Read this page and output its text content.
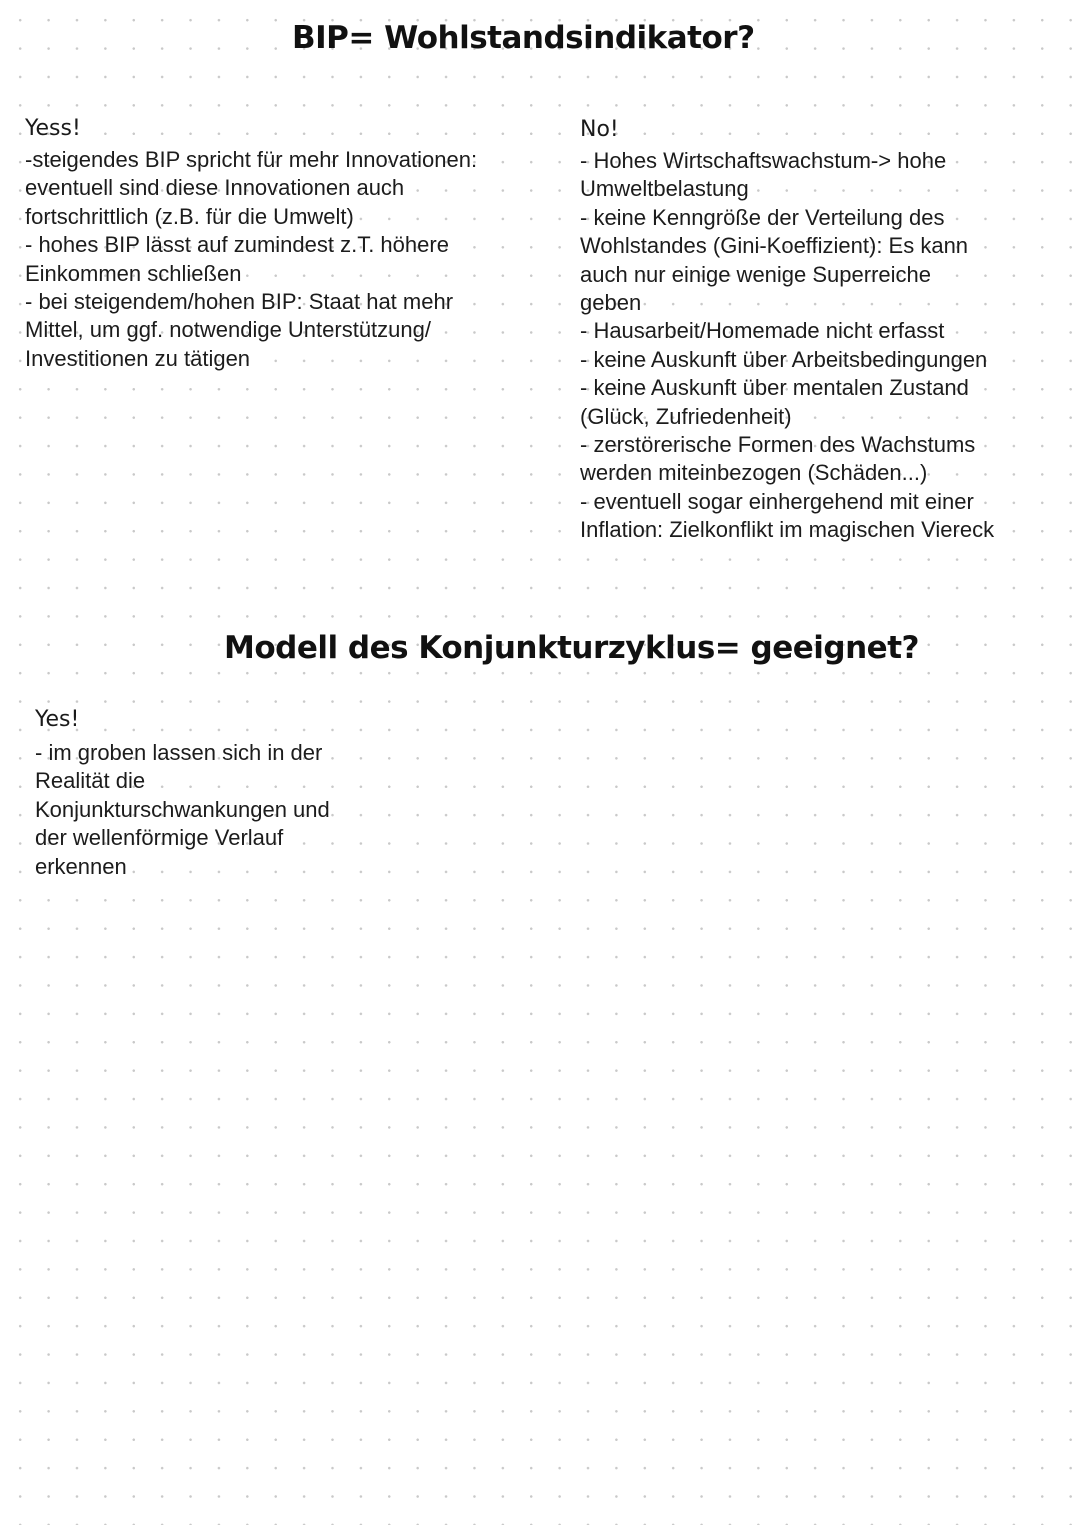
BIP= Wohlstandsindikator?
Yess!
-steigendes BIP spricht für mehr Innovationen:
eventuell sind diese Innovationen auch
fortschrittlich (z.B. für die Umwelt)
- hohes BIP lässt auf zumindest z.T. höhere
Einkommen schließen
- bei steigendem/hohen BIP: Staat hat mehr
Mittel, um ggf. notwendige Unterstützung/
Investitionen zu tätigen
No!
- Hohes Wirtschaftswachstum-> hohe
Umweltbelastung
- keine Kenngröße der Verteilung des
Wohlstandes (Gini-Koeffizient): Es kann
auch nur einige wenige Superreiche
geben
- Hausarbeit/Homemade nicht erfasst
- keine Auskunft über Arbeitsbedingungen
- keine Auskunft über mentalen Zustand
(Glück, Zufriedenheit)
- zerstörerische Formen des Wachstums
werden miteinbezogen (Schäden...)
- eventuell sogar einhergehend mit einer
Inflation: Zielkonflikt im magischen Viereck
Modell des Konjunkturzyklus= geeignet?
Yes!
- im groben lassen sich in der
Realität die
Konjunkturschwankungen und
der wellenförmige Verlauf
erkennen
